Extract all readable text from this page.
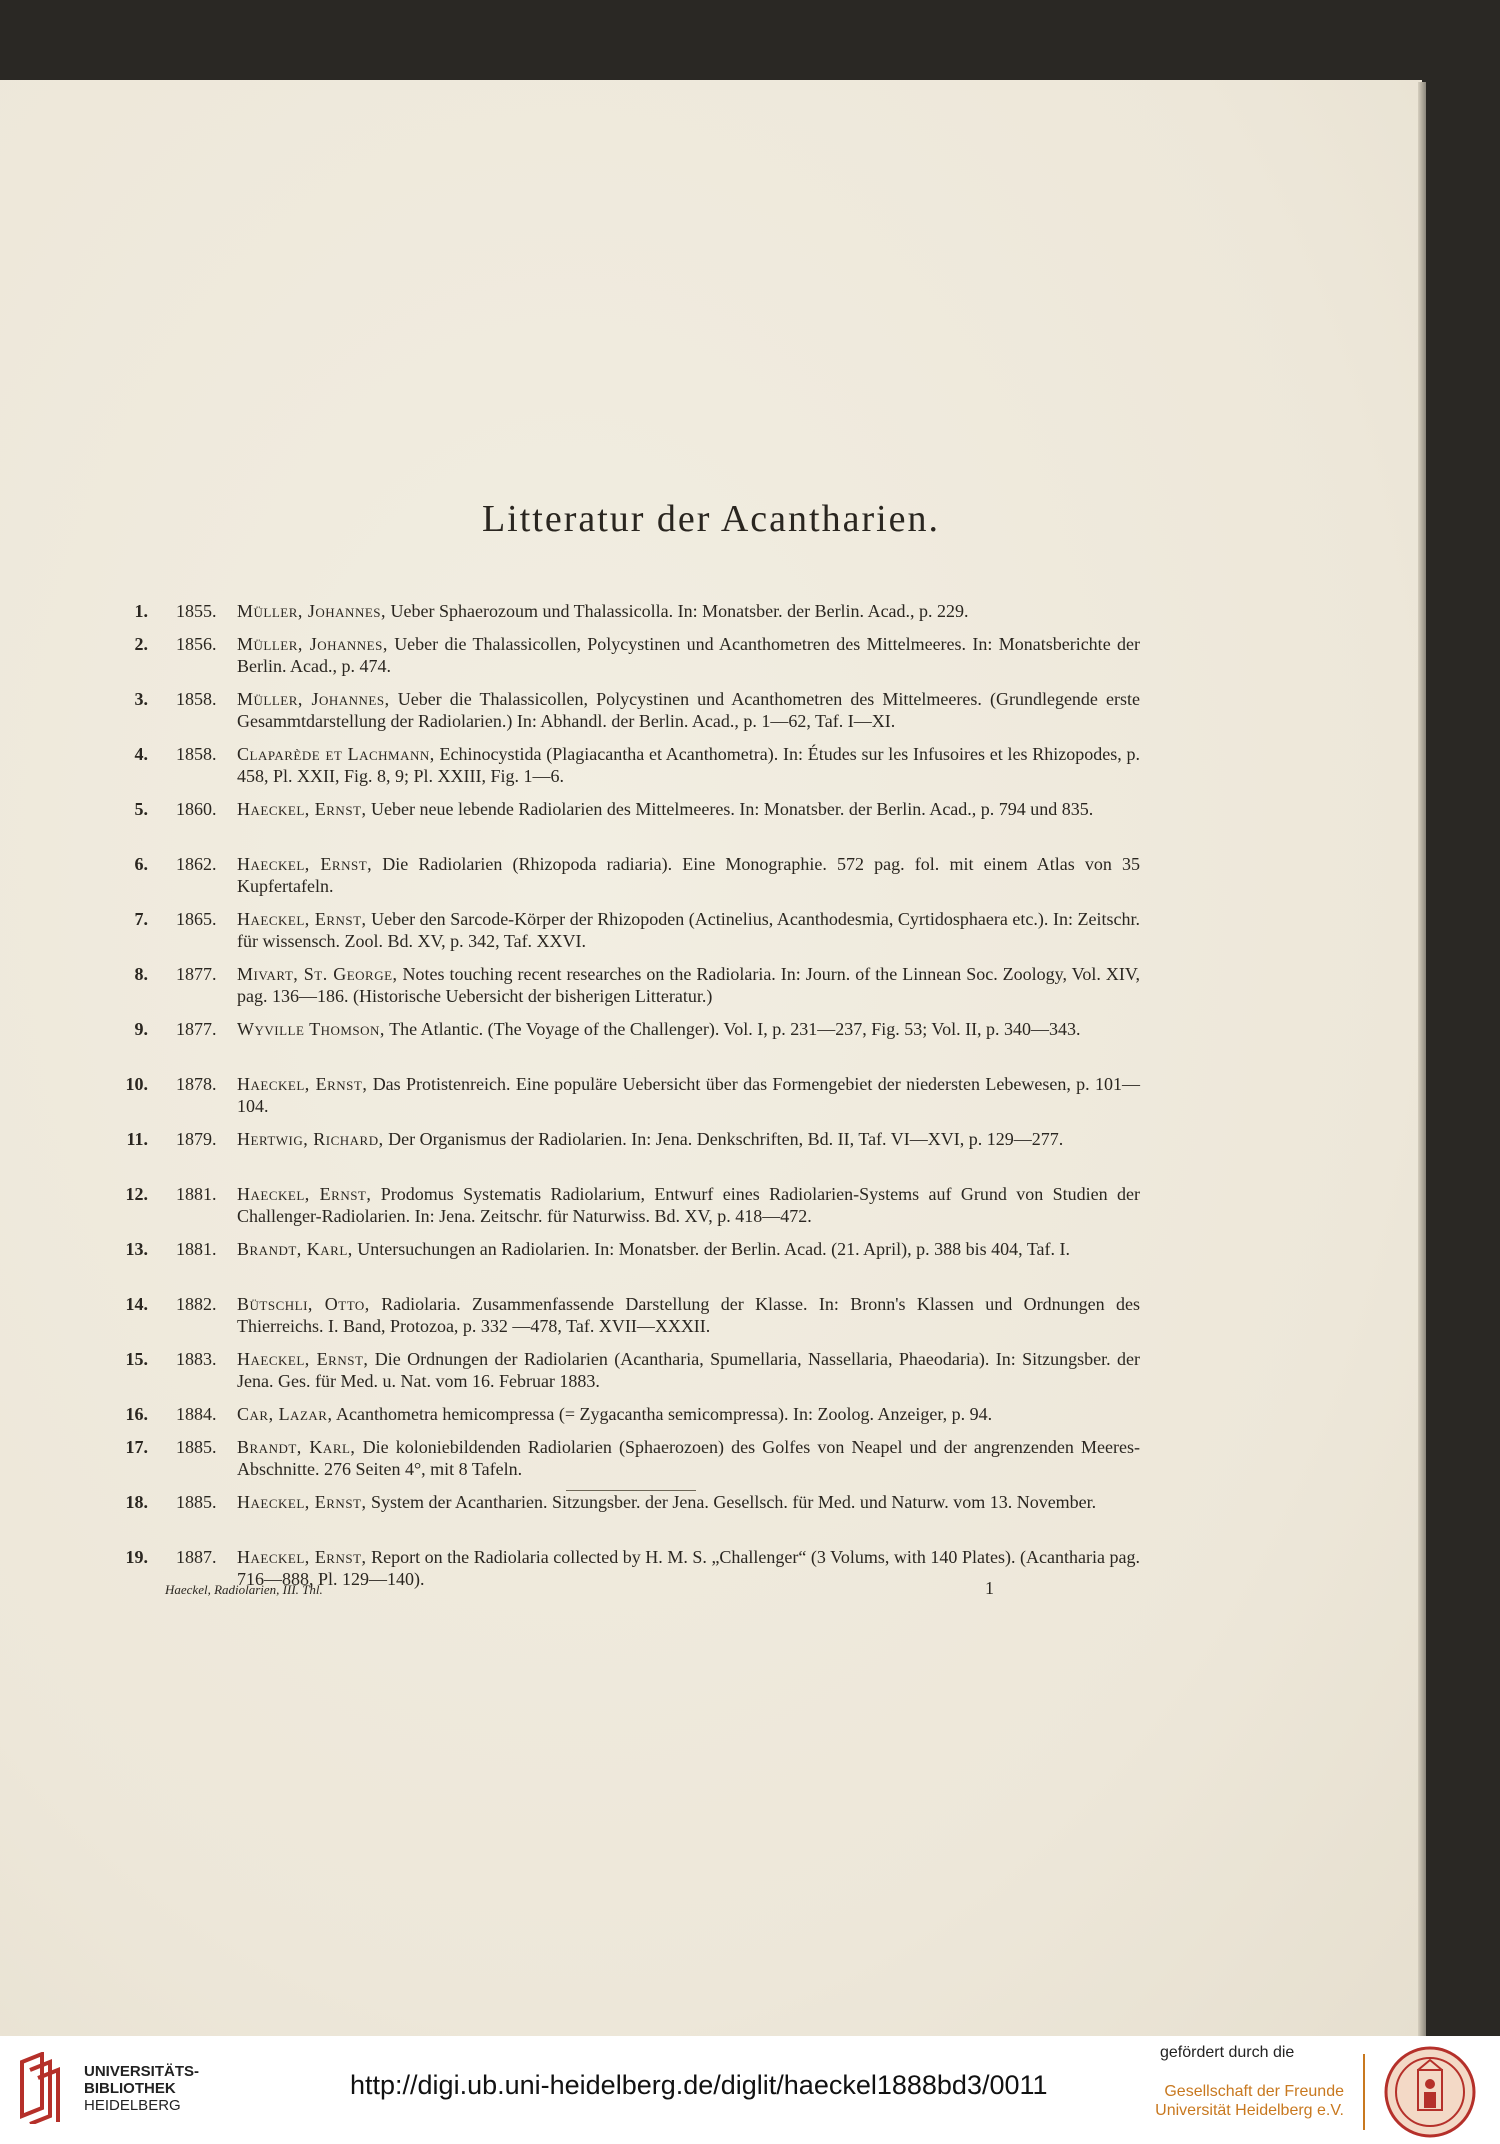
Litteratur der Acantharien.
1. 1855. Müller, Johannes, Ueber Sphaerozoum und Thalassicolla. In: Monatsber. der Berlin. Acad., p. 229.
2. 1856. Müller, Johannes, Ueber die Thalassicollen, Polycystinen und Acanthometren des Mittelmeeres. In: Monatsberichte der Berlin. Acad., p. 474.
3. 1858. Müller, Johannes, Ueber die Thalassicollen, Polycystinen und Acanthometren des Mittelmeeres. (Grundlegende erste Gesammtdarstellung der Radiolarien.) In: Abhandl. der Berlin. Acad., p. 1—62, Taf. I—XI.
4. 1858. Claparède et Lachmann, Echinocystida (Plagiacantha et Acanthometra). In: Études sur les Infusoires et les Rhizopodes, p. 458, Pl. XXII, Fig. 8, 9; Pl. XXIII, Fig. 1—6.
5. 1860. Haeckel, Ernst, Ueber neue lebende Radiolarien des Mittelmeeres. In: Monatsber. der Berlin. Acad., p. 794 und 835.
6. 1862. Haeckel, Ernst, Die Radiolarien (Rhizopoda radiaria). Eine Monographie. 572 pag. fol. mit einem Atlas von 35 Kupfertafeln.
7. 1865. Haeckel, Ernst, Ueber den Sarcode-Körper der Rhizopoden (Actinelius, Acanthodesmia, Cyrtidosphaera etc.). In: Zeitschr. für wissensch. Zool. Bd. XV, p. 342, Taf. XXVI.
8. 1877. Mivart, St. George, Notes touching recent researches on the Radiolaria. In: Journ. of the Linnean Soc. Zoology, Vol. XIV, pag. 136—186. (Historische Uebersicht der bisherigen Litteratur.)
9. 1877. Wyville Thomson, The Atlantic. (The Voyage of the Challenger). Vol. I, p. 231—237, Fig. 53; Vol. II, p. 340—343.
10. 1878. Haeckel, Ernst, Das Protistenreich. Eine populäre Uebersicht über das Formengebiet der niedersten Lebewesen, p. 101—104.
11. 1879. Hertwig, Richard, Der Organismus der Radiolarien. In: Jena. Denkschriften, Bd. II, Taf. VI—XVI, p. 129—277.
12. 1881. Haeckel, Ernst, Prodomus Systematis Radiolarium, Entwurf eines Radiolarien-Systems auf Grund von Studien der Challenger-Radiolarien. In: Jena. Zeitschr. für Naturwiss. Bd. XV, p. 418—472.
13. 1881. Brandt, Karl, Untersuchungen an Radiolarien. In: Monatsber. der Berlin. Acad. (21. April), p. 388 bis 404, Taf. I.
14. 1882. Bütschli, Otto, Radiolaria. Zusammenfassende Darstellung der Klasse. In: Bronn's Klassen und Ordnungen des Thierreichs. I. Band, Protozoa, p. 332 —478, Taf. XVII—XXXII.
15. 1883. Haeckel, Ernst, Die Ordnungen der Radiolarien (Acantharia, Spumellaria, Nassellaria, Phaeodaria). In: Sitzungsber. der Jena. Ges. für Med. u. Nat. vom 16. Februar 1883.
16. 1884. Car, Lazar, Acanthometra hemicompressa (= Zygacantha semicompressa). In: Zoolog. Anzeiger, p. 94.
17. 1885. Brandt, Karl, Die koloniebildenden Radiolarien (Sphaerozoen) des Golfes von Neapel und der angrenzenden Meeres-Abschnitte. 276 Seiten 4°, mit 8 Tafeln.
18. 1885. Haeckel, Ernst, System der Acantharien. Sitzungsber. der Jena. Gesellsch. für Med. und Naturw. vom 13. November.
19. 1887. Haeckel, Ernst, Report on the Radiolaria collected by H. M. S. „Challenger“ (3 Volums, with 140 Plates). (Acantharia pag. 716—888, Pl. 129—140).
Haeckel, Radiolarien, III. Thl.	1
UNIVERSITÄTS-
BIBLIOTHEK
HEIDELBERG
http://digi.ub.uni-heidelberg.de/diglit/haeckel1888bd3/0011
gefördert durch die
Gesellschaft der Freunde
Universität Heidelberg e.V.
